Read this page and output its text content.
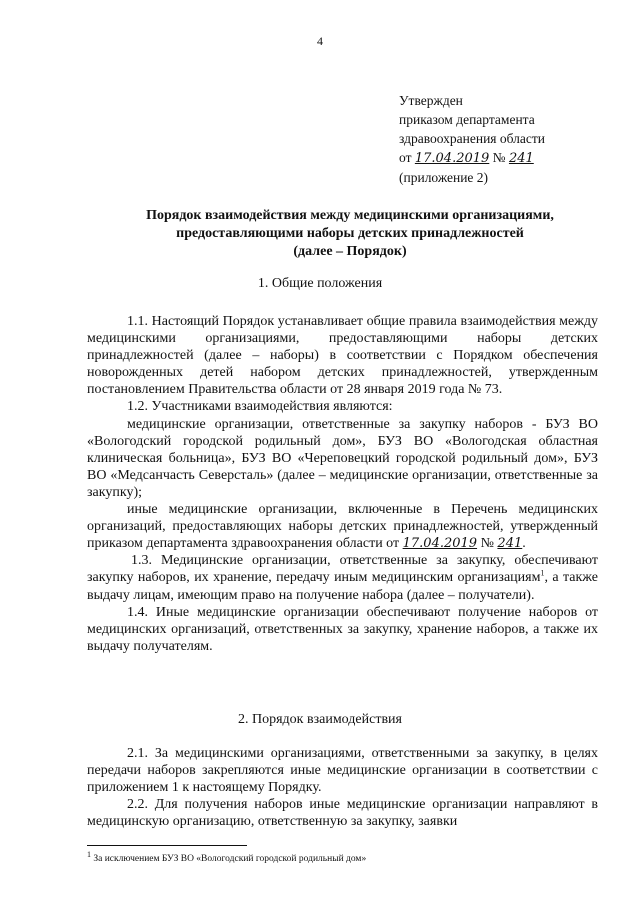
4
Утвержден
приказом департамента
здравоохранения области
от 17.04.2019 № 241
(приложение 2)
Порядок взаимодействия между медицинскими организациями,
предоставляющими наборы детских принадлежностей
(далее – Порядок)
1. Общие положения

1.1. Настоящий Порядок устанавливает общие правила взаимодействия между медицинскими организациями, предоставляющими наборы детских принадлежностей (далее – наборы) в соответствии с Порядком обеспечения новорожденных детей набором детских принадлежностей, утвержденным постановлением Правительства области от 28 января 2019 года № 73.

1.2. Участниками взаимодействия являются:

медицинские организации, ответственные за закупку наборов - БУЗ ВО «Вологодский городской родильный дом», БУЗ ВО «Вологодская областная клиническая больница», БУЗ ВО «Череповецкий городской родильный дом», БУЗ ВО «Медсанчасть Северсталь» (далее – медицинские организации, ответственные за закупку);

иные медицинские организации, включенные в Перечень медицинских организаций, предоставляющих наборы детских принадлежностей, утвержденный приказом департамента здравоохранения области от 17.04.2019 № 241.

1.3. Медицинские организации, ответственные за закупку, обеспечивают закупку наборов, их хранение, передачу иным медицинским организациям$^1$, а также выдачу лицам, имеющим право на получение набора (далее – получатели).

1.4. Иные медицинские организации обеспечивают получение наборов от медицинских организаций, ответственных за закупку, хранение наборов, а также их выдачу получателям.

2. Порядок взаимодействия

2.1. За медицинскими организациями, ответственными за закупку, в целях передачи наборов закрепляются иные медицинские организации в соответствии с приложением 1 к настоящему Порядку.

2.2. Для получения наборов иные медицинские организации направляют в медицинскую организацию, ответственную за закупку, заявки

$^1$ За исключением БУЗ ВО «Вологодский городской родильный дом»
